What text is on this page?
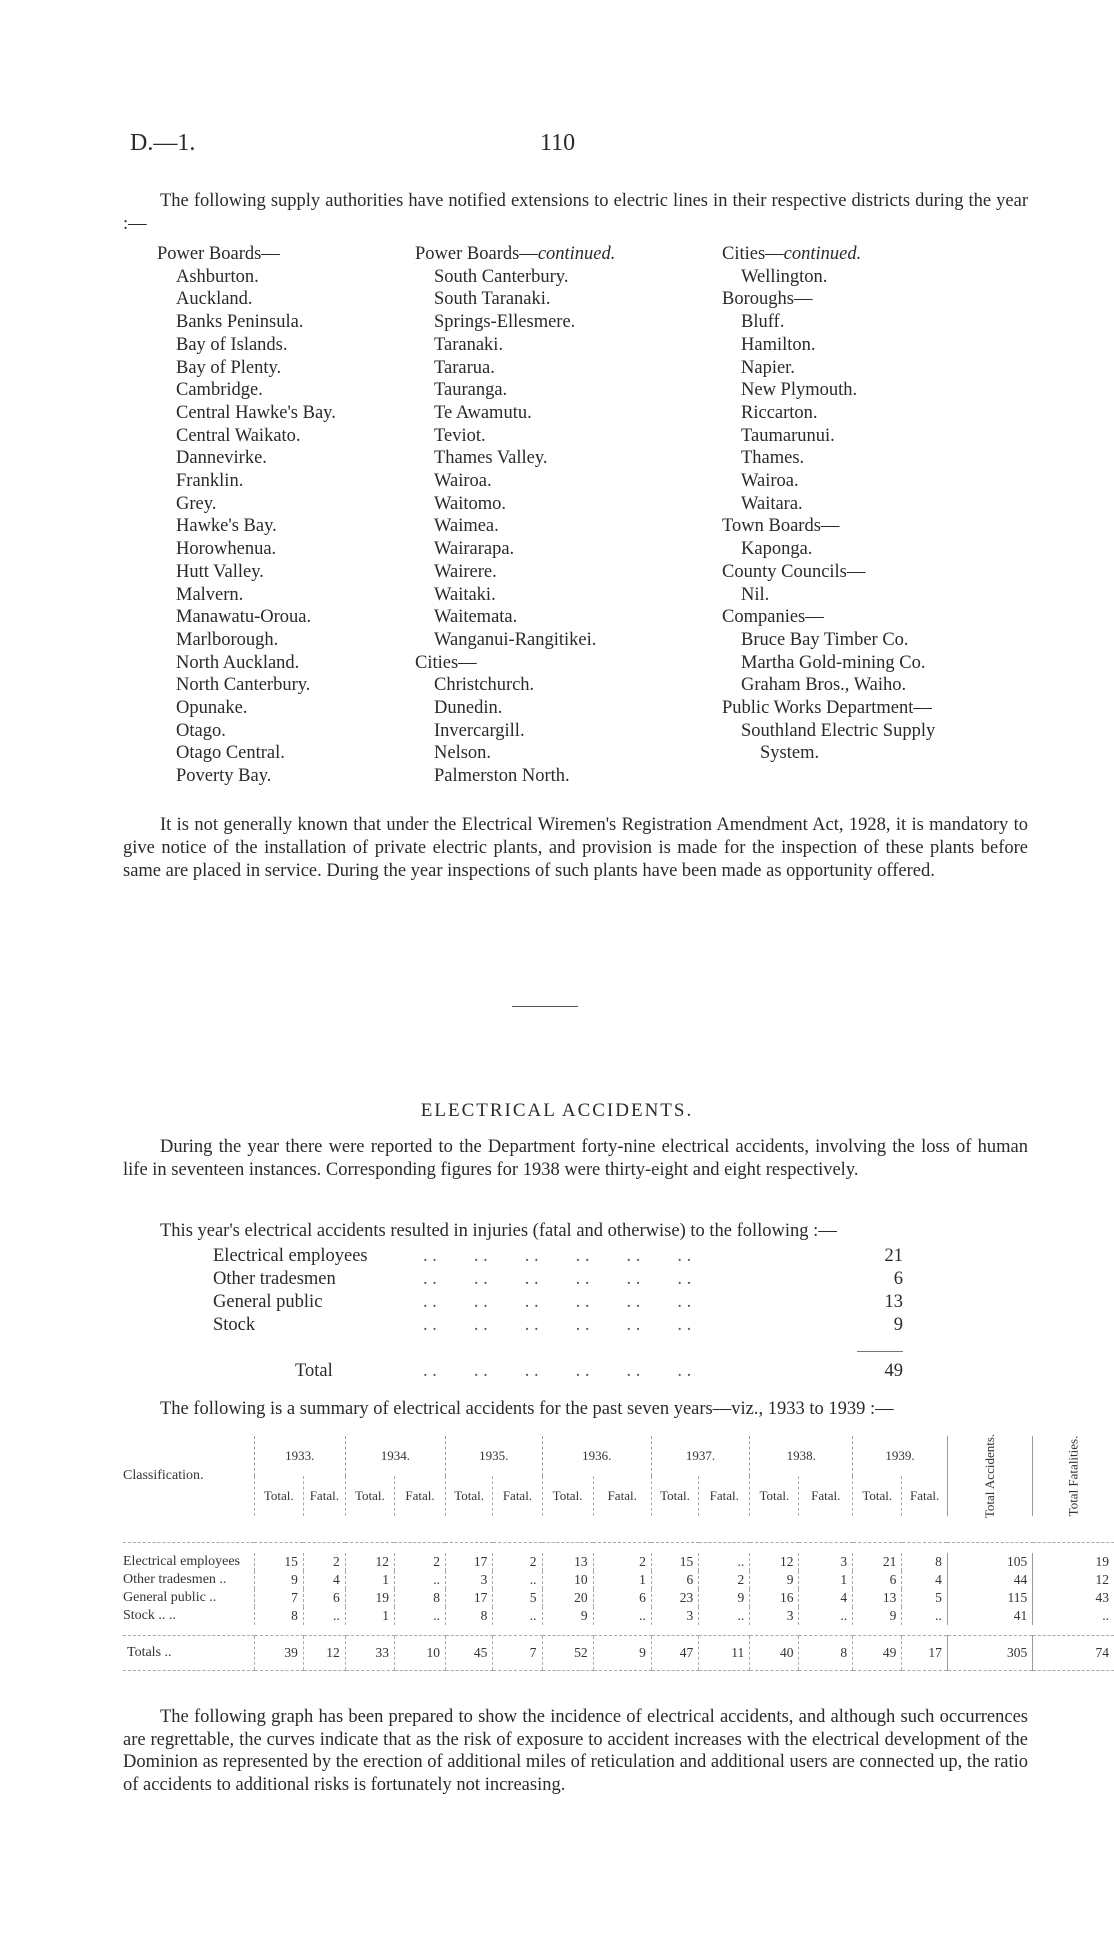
D.—1.	110
The following supply authorities have notified extensions to electric lines in their respective districts during the year :—
Power Boards—
Ashburton.
Auckland.
Banks Peninsula.
Bay of Islands.
Bay of Plenty.
Cambridge.
Central Hawke's Bay.
Central Waikato.
Dannevirke.
Franklin.
Grey.
Hawke's Bay.
Horowhenua.
Hutt Valley.
Malvern.
Manawatu-Oroua.
Marlborough.
North Auckland.
North Canterbury.
Opunake.
Otago.
Otago Central.
Poverty Bay.
Power Boards—continued.
South Canterbury.
South Taranaki.
Springs-Ellesmere.
Taranaki.
Tararua.
Tauranga.
Te Awamutu.
Teviot.
Thames Valley.
Wairoa.
Waitomo.
Waimea.
Wairarapa.
Wairere.
Waitaki.
Waitemata.
Wanganui-Rangitikei.
Cities—
Christchurch.
Dunedin.
Invercargill.
Nelson.
Palmerston North.
Cities—continued.
Wellington.
Boroughs—
Bluff.
Hamilton.
Napier.
New Plymouth.
Riccarton.
Taumarunui.
Thames.
Wairoa.
Waitara.
Town Boards—
Kaponga.
County Councils—
Nil.
Companies—
Bruce Bay Timber Co.
Martha Gold-mining Co.
Graham Bros., Waiho.
Public Works Department—
Southland Electric Supply
System.
It is not generally known that under the Electrical Wiremen's Registration Amendment Act, 1928, it is mandatory to give notice of the installation of private electric plants, and provision is made for the inspection of these plants before same are placed in service. During the year inspections of such plants have been made as opportunity offered.
ELECTRICAL ACCIDENTS.
During the year there were reported to the Department forty-nine electrical accidents, involving the loss of human life in seventeen instances. Corresponding figures for 1938 were thirty-eight and eight respectively.
This year's electrical accidents resulted in injuries (fatal and otherwise) to the following :—
Electrical employees	. .        . .        . .        . .        . .        . .	21
Other tradesmen	. .        . .        . .        . .        . .        . .	6
General public	. .        . .        . .        . .        . .        . .	13
Stock	. .        . .        . .        . .        . .        . .	9
Total	. .        . .        . .        . .        . .        . .	49
The following is a summary of electrical accidents for the past seven years—viz., 1933 to 1939 :—
Classification.	1933.		1934.		1935.		1936.		1937.		1938.		1939.		Total Accidents.	Total Fatalities.
	Total.	Fatal.	Total.	Fatal.	Total.	Fatal.	Total.	Fatal.	Total.	Fatal.	Total.	Fatal.	Total.	Fatal.		

Electrical employees	15	2	12	2	17	2	13	2	15	..	12	3	21	8	105	19
Other tradesmen ..	9	4	1	..	3	..	10	1	6	2	9	1	6	4	44	12
General public ..	7	6	19	8	17	5	20	6	23	9	16	4	13	5	115	43
Stock .. ..	8	..	1	..	8	..	9	..	3	..	3	..	9	..	41	..

Totals ..	39	12	33	10	45	7	52	9	47	11	40	8	49	17	305	74
The following graph has been prepared to show the incidence of electrical accidents, and although such occurrences are regrettable, the curves indicate that as the risk of exposure to accident increases with the electrical development of the Dominion as represented by the erection of additional miles of reticulation and additional users are connected up, the ratio of accidents to additional risks is fortunately not increasing.
